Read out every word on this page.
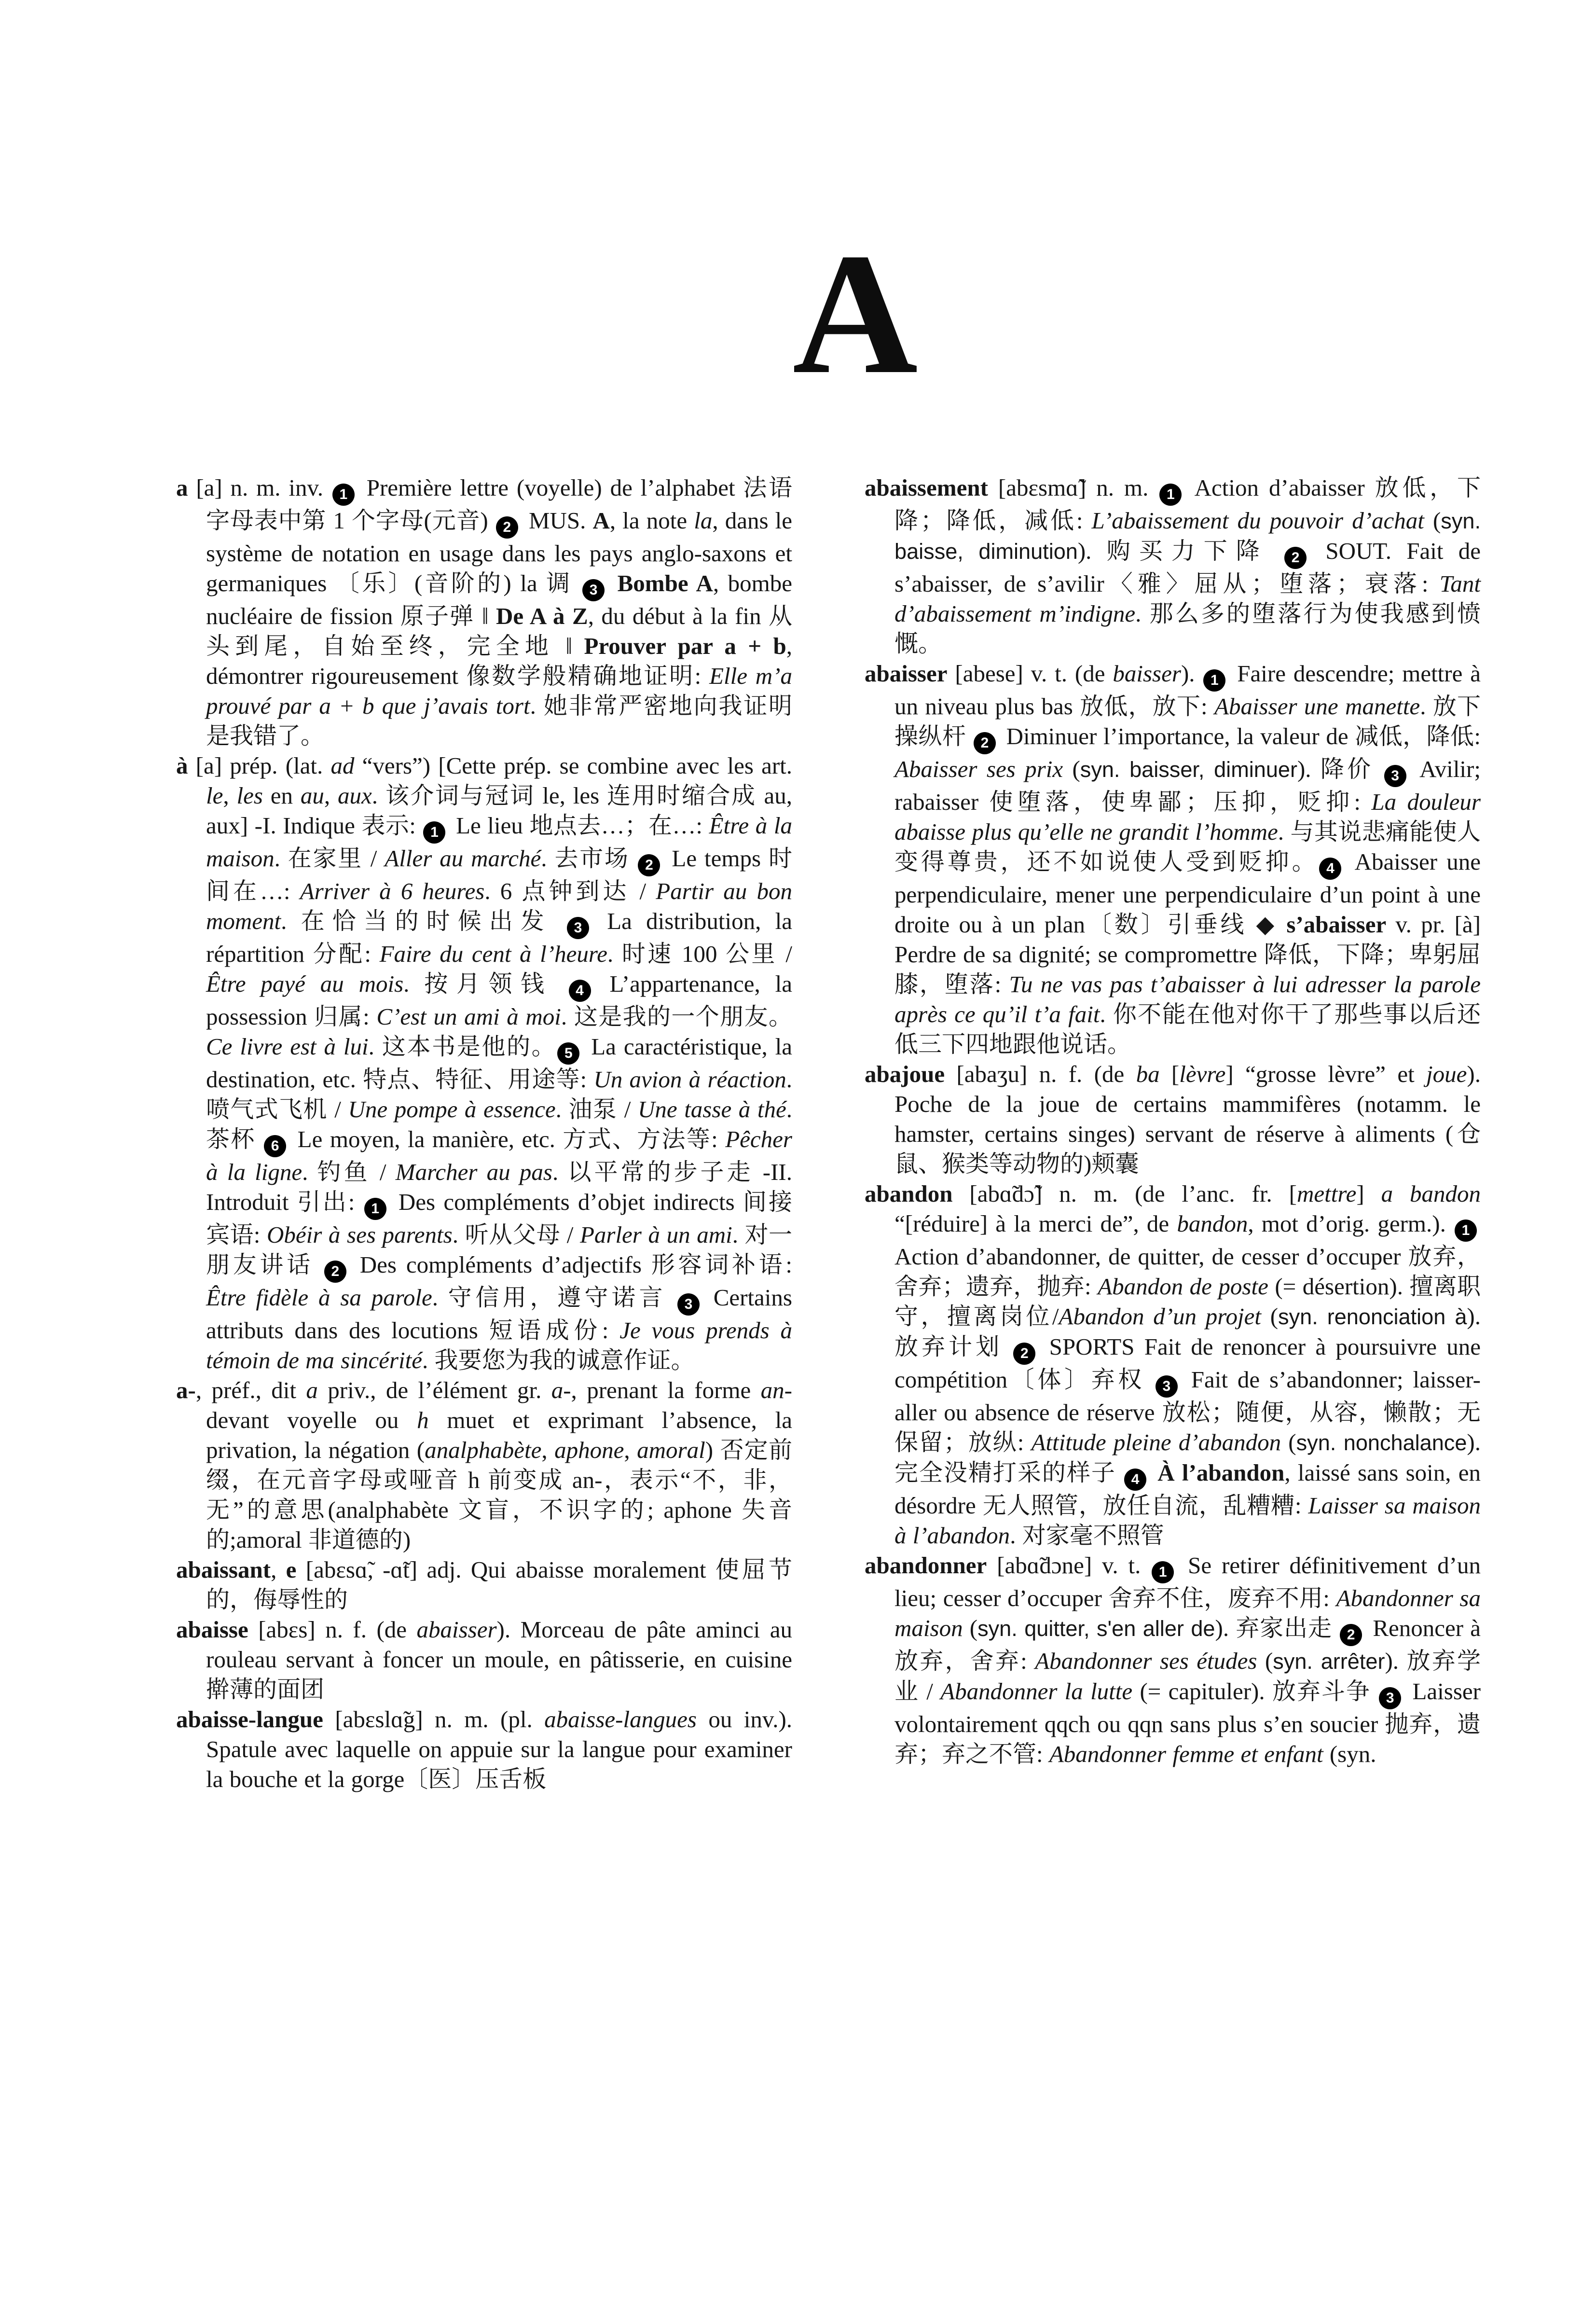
A

a [a] n. m. inv. 1 Première lettre (voyelle) de l’alphabet 法语字母表中第 1 个字母(元音) 2 MUS. A, la note la, dans le système de notation en usage dans les pays anglo-saxons et germaniques 〔乐〕(音阶的) la 调 3 Bombe A, bombe nucléaire de fission 原子弹 ‖ De A à Z, du début à la fin 从头到尾，自始至终，完全地 ‖ Prouver par a + b, démontrer rigoureusement 像数学般精确地证明: Elle m’a prouvé par a + b que j’avais tort. 她非常严密地向我证明是我错了。

à [a] prép. (lat. ad “vers”) [Cette prép. se combine avec les art. le, les en au, aux. 该介词与冠词 le, les 连用时缩合成 au, aux] -I. Indique 表示: 1 Le lieu 地点去…；在…: Être à la maison. 在家里 / Aller au marché. 去市场 2 Le temps 时间在…: Arriver à 6 heures. 6 点钟到达 / Partir au bon moment. 在恰当的时候出发 3 La distribution, la répartition 分配: Faire du cent à l’heure. 时速 100 公里 / Être payé au mois. 按月领钱 4 L’appartenance, la possession 归属: C’est un ami à moi. 这是我的一个朋友。Ce livre est à lui. 这本书是他的。 5 La caractéristique, la destination, etc. 特点、特征、用途等: Un avion à réaction. 喷气式飞机 / Une pompe à essence. 油泵 / Une tasse à thé. 茶杯 6 Le moyen, la manière, etc. 方式、方法等: Pêcher à la ligne. 钓鱼 / Marcher au pas. 以平常的步子走 -II. Introduit 引出: 1 Des compléments d’objet indirects 间接宾语: Obéir à ses parents. 听从父母 / Parler à un ami. 对一朋友讲话 2 Des compléments d’adjectifs 形容词补语: Être fidèle à sa parole. 守信用，遵守诺言 3 Certains attributs dans des locutions 短语成份: Je vous prends à témoin de ma sincérité. 我要您为我的诚意作证。

a-, préf., dit a priv., de l’élément gr. a-, prenant la forme an- devant voyelle ou h muet et exprimant l’absence, la privation, la négation (analphabète, aphone, amoral) 否定前缀，在元音字母或哑音 h 前变成 an-，表示“不，非，无”的意思(analphabète 文盲，不识字的; aphone 失音的;amoral 非道德的)

abaissant, e [abɛsɑ̃, -ɑ̃t] adj. Qui abaisse moralement 使屈节的，侮辱性的

abaisse [abɛs] n. f. (de abaisser). Morceau de pâte aminci au rouleau servant à foncer un moule, en pâtisserie, en cuisine 擀薄的面团

abaisse-langue [abɛslɑ̃g] n. m. (pl. abaisse-langues ou inv.). Spatule avec laquelle on appuie sur la langue pour examiner la bouche et la gorge〔医〕压舌板

abaissement [abɛsmɑ̃] n. m. 1 Action d’abaisser 放低，下降；降低，减低: L’abaissement du pouvoir d’achat (syn. baisse, diminution). 购买力下降 2 SOUT. Fait de s’abaisser, de s’avilir〈雅〉屈从；堕落；衰落: Tant d’abaissement m’indigne. 那么多的堕落行为使我感到愤慨。

abaisser [abese] v. t. (de baisser). 1 Faire descendre; mettre à un niveau plus bas 放低，放下: Abaisser une manette. 放下操纵杆 2 Diminuer l’importance, la valeur de 减低，降低: Abaisser ses prix (syn. baisser, diminuer). 降价 3 Avilir; rabaisser 使堕落，使卑鄙；压抑，贬抑: La douleur abaisse plus qu’elle ne grandit l’homme. 与其说悲痛能使人变得尊贵，还不如说使人受到贬抑。 4 Abaisser une perpendiculaire, mener une perpendiculaire d’un point à une droite ou à un plan〔数〕引垂线 ◆ s’abaisser v. pr. [à] Perdre de sa dignité; se compromettre 降低，下降；卑躬屈膝，堕落: Tu ne vas pas t’abaisser à lui adresser la parole après ce qu’il t’a fait. 你不能在他对你干了那些事以后还低三下四地跟他说话。

abajoue [abaʒu] n. f. (de ba [lèvre] “grosse lèvre” et joue). Poche de la joue de certains mammifères (notamm. le hamster, certains singes) servant de réserve à aliments (仓鼠、猴类等动物的)颊囊

abandon [abɑ̃dɔ̃] n. m. (de l’anc. fr. [mettre] a bandon “[réduire] à la merci de”, de bandon, mot d’orig. germ.). 1 Action d’abandonner, de quitter, de cesser d’occuper 放弃，舍弃；遗弃，抛弃: Abandon de poste (= désertion). 擅离职守，擅离岗位/Abandon d’un projet (syn. renonciation à). 放弃计划 2 SPORTS Fait de renoncer à poursuivre une compétition〔体〕弃权 3 Fait de s’abandonner; laisser-aller ou absence de réserve 放松；随便，从容，懒散；无保留；放纵: Attitude pleine d’abandon (syn. nonchalance). 完全没精打采的样子 4 À l’abandon, laissé sans soin, en désordre 无人照管，放任自流，乱糟糟: Laisser sa maison à l’abandon. 对家毫不照管

abandonner [abɑ̃dɔne] v. t. 1 Se retirer définitivement d’un lieu; cesser d’occuper 舍弃不住，废弃不用: Abandonner sa maison (syn. quitter, s'en aller de). 弃家出走 2 Renoncer à 放弃，舍弃: Abandonner ses études (syn. arrêter). 放弃学业 / Abandonner la lutte (= capituler). 放弃斗争 3 Laisser volontairement qqch ou qqn sans plus s’en soucier 抛弃，遗弃；弃之不管: Abandonner femme et enfant (syn.
